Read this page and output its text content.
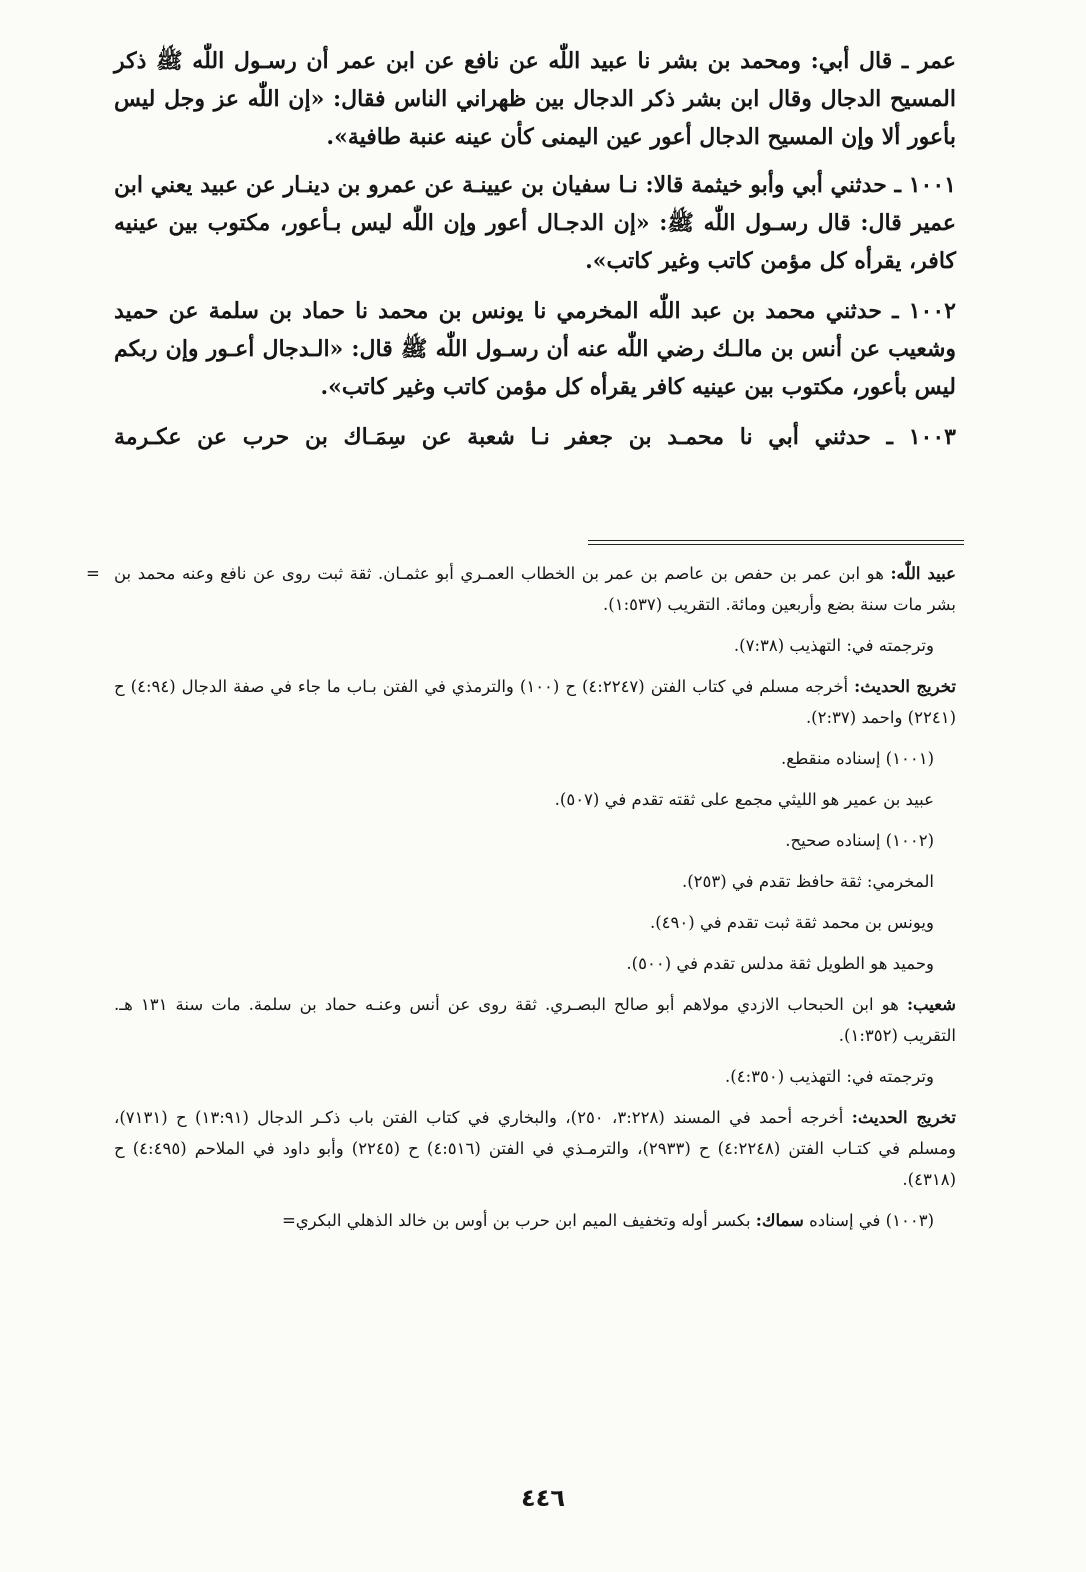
عمر ـ قال أبي: ومحمد بن بشر نا عبيد اللّٰه عن نافع عن ابن عمر أن رسـول اللّٰه ﷺ ذكر المسيح الدجال وقال ابن بشر ذكر الدجال بين ظهراني الناس فقال: «إن اللّٰه عز وجل ليس بأعور ألا وإن المسيح الدجال أعور عين اليمنى كأن عينه عنبة طافية».

١٠٠١ ـ حدثني أبي وأبو خيثمة قالا: نـا سفيان بن عيينـة عن عمرو بن دينـار عن عبيد يعني ابن عمير قال: قال رسـول اللّٰه ﷺ: «إن الدجـال أعور وإن اللّٰه ليس بـأعور، مكتوب بين عينيه كافر، يقرأه كل مؤمن كاتب وغير كاتب».

١٠٠٢ ـ حدثني محمد بن عبد اللّٰه المخرمي نا يونس بن محمد نا حماد بن سلمة عن حميد وشعيب عن أنس بن مالـك رضي اللّٰه عنه أن رسـول اللّٰه ﷺ قال: «الـدجال أعـور وإن ربكم ليس بأعور، مكتوب بين عينيه كافر يقرأه كل مؤمن كاتب وغير كاتب».

١٠٠٣ ـ حدثني أبي نا محمـد بن جعفر نـا شعبة عن سِمَـاك بن حرب عن عكـرمة

=	عبيد اللّٰه: هو ابن عمر بن حفص بن عاصم بن عمر بن الخطاب العمـري أبو عثمـان. ثقة ثبت روى عن نافع وعنه محمد بن بشر مات سنة بضع وأربعين ومائة. التقريب (١:٥٣٧).

وترجمته في: التهذيب (٧:٣٨).

تخريج الحديث: أخرجه مسلم في كتاب الفتن (٤:٢٢٤٧) ح (١٠٠) والترمذي في الفتن بـاب ما جاء في صفة الدجال (٤:٩٤) ح (٢٢٤١) واحمد (٢:٣٧).

(١٠٠١) إسناده منقطع.

عبيد بن عمير هو الليثي مجمع على ثقته تقدم في (٥٠٧).

(١٠٠٢) إسناده صحيح.

المخرمي: ثقة حافظ تقدم في (٢٥٣).

ويونس بن محمد ثقة ثبت تقدم في (٤٩٠).

وحميد هو الطويل ثقة مدلس تقدم في (٥٠٠).

شعيب: هو ابن الحبحاب الازدي مولاهم أبو صالح البصـري. ثقة روى عن أنس وعنـه حماد بن سلمة. مات سنة ١٣١ هـ. التقريب (١:٣٥٢).

وترجمته في: التهذيب (٤:٣٥٠).

تخريج الحديث: أخرجه أحمد في المسند (٣:٢٢٨، ٢٥٠)، والبخاري في كتاب الفتن باب ذكـر الدجال (١٣:٩١) ح (٧١٣١)، ومسلم في كتـاب الفتن (٤:٢٢٤٨) ح (٢٩٣٣)، والترمـذي في الفتن (٤:٥١٦) ح (٢٢٤٥) وأبو داود في الملاحم (٤:٤٩٥) ح (٤٣١٨).

(١٠٠٣) في إسناده سماك: بكسر أوله وتخفيف الميم ابن حرب بن أوس بن خالد الذهلي البكري=

٤٤٦
